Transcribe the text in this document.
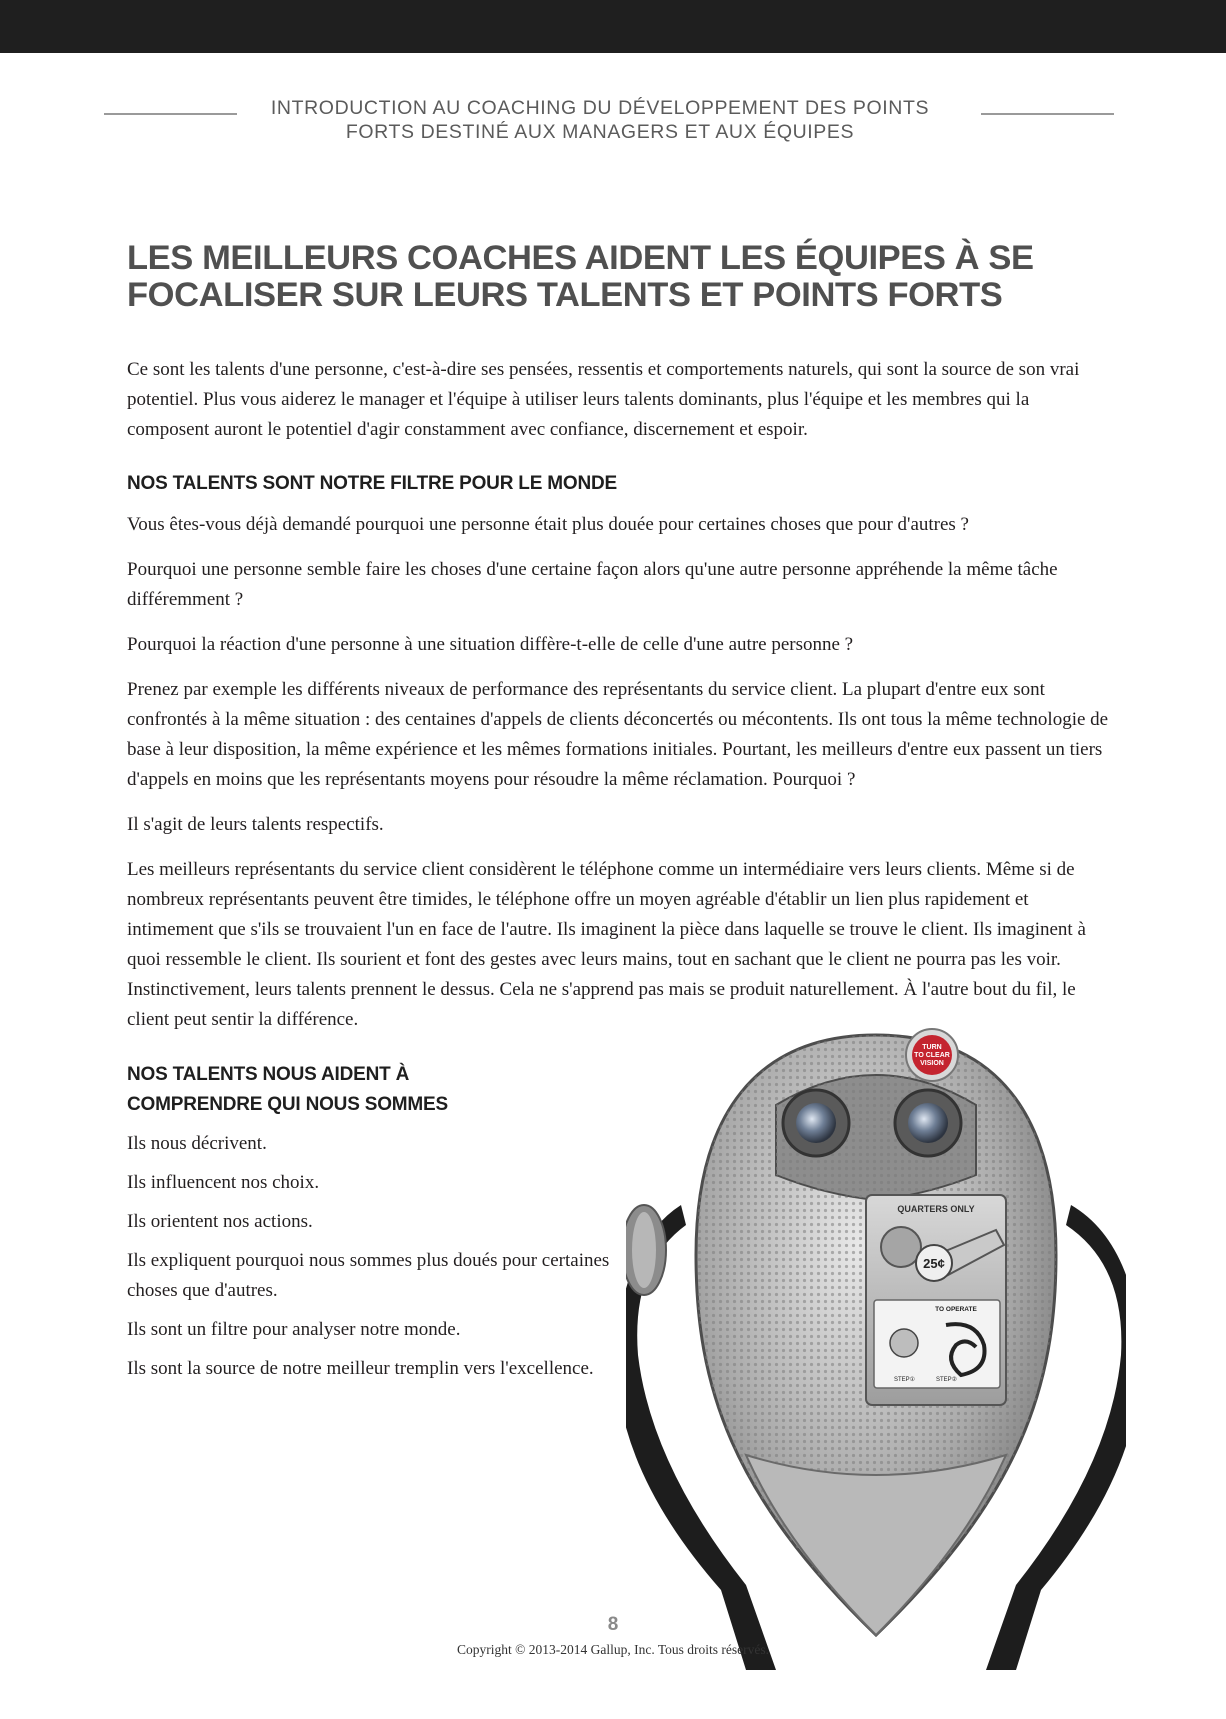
INTRODUCTION AU COACHING DU DÉVELOPPEMENT DES POINTS FORTS DESTINÉ AUX MANAGERS ET AUX ÉQUIPES
LES MEILLEURS COACHES AIDENT LES ÉQUIPES À SE FOCALISER SUR LEURS TALENTS ET POINTS FORTS

Ce sont les talents d'une personne, c'est-à-dire ses pensées, ressentis et comportements naturels, qui sont la source de son vrai potentiel. Plus vous aiderez le manager et l'équipe à utiliser leurs talents dominants, plus l'équipe et les membres qui la composent auront le potentiel d'agir constamment avec confiance, discernement et espoir.

NOS TALENTS SONT NOTRE FILTRE POUR LE MONDE

Vous êtes-vous déjà demandé pourquoi une personne était plus douée pour certaines choses que pour d'autres ?

Pourquoi une personne semble faire les choses d'une certaine façon alors qu'une autre personne appréhende la même tâche différemment ?

Pourquoi la réaction d'une personne à une situation diffère-t-elle de celle d'une autre personne ?

Prenez par exemple les différents niveaux de performance des représentants du service client. La plupart d'entre eux sont confrontés à la même situation : des centaines d'appels de clients déconcertés ou mécontents. Ils ont tous la même technologie de base à leur disposition, la même expérience et les mêmes formations initiales. Pourtant, les meilleurs d'entre eux passent un tiers d'appels en moins que les représentants moyens pour résoudre la même réclamation. Pourquoi ?

Il s'agit de leurs talents respectifs.

Les meilleurs représentants du service client considèrent le téléphone comme un intermédiaire vers leurs clients. Même si de nombreux représentants peuvent être timides, le téléphone offre un moyen agréable d'établir un lien plus rapidement et intimement que s'ils se trouvaient l'un en face de l'autre. Ils imaginent la pièce dans laquelle se trouve le client. Ils imaginent à quoi ressemble le client. Ils sourient et font des gestes avec leurs mains, tout en sachant que le client ne pourra pas les voir. Instinctivement, leurs talents prennent le dessus. Cela ne s'apprend pas mais se produit naturellement. À l'autre bout du fil, le client peut sentir la différence.

NOS TALENTS NOUS AIDENT À COMPRENDRE QUI NOUS SOMMES

Ils nous décrivent.

Ils influencent nos choix.

Ils orientent nos actions.

Ils expliquent pourquoi nous sommes plus doués pour certaines choses que d'autres.

Ils sont un filtre pour analyser notre monde.

Ils sont la source de notre meilleur tremplin vers l'excellence.

TURN
TO CLEAR
VISION
QUARTERS ONLY
25¢
TO OPERATE
STEP①	STEP②
8
Copyright © 2013-2014 Gallup, Inc. Tous droits réservés.
